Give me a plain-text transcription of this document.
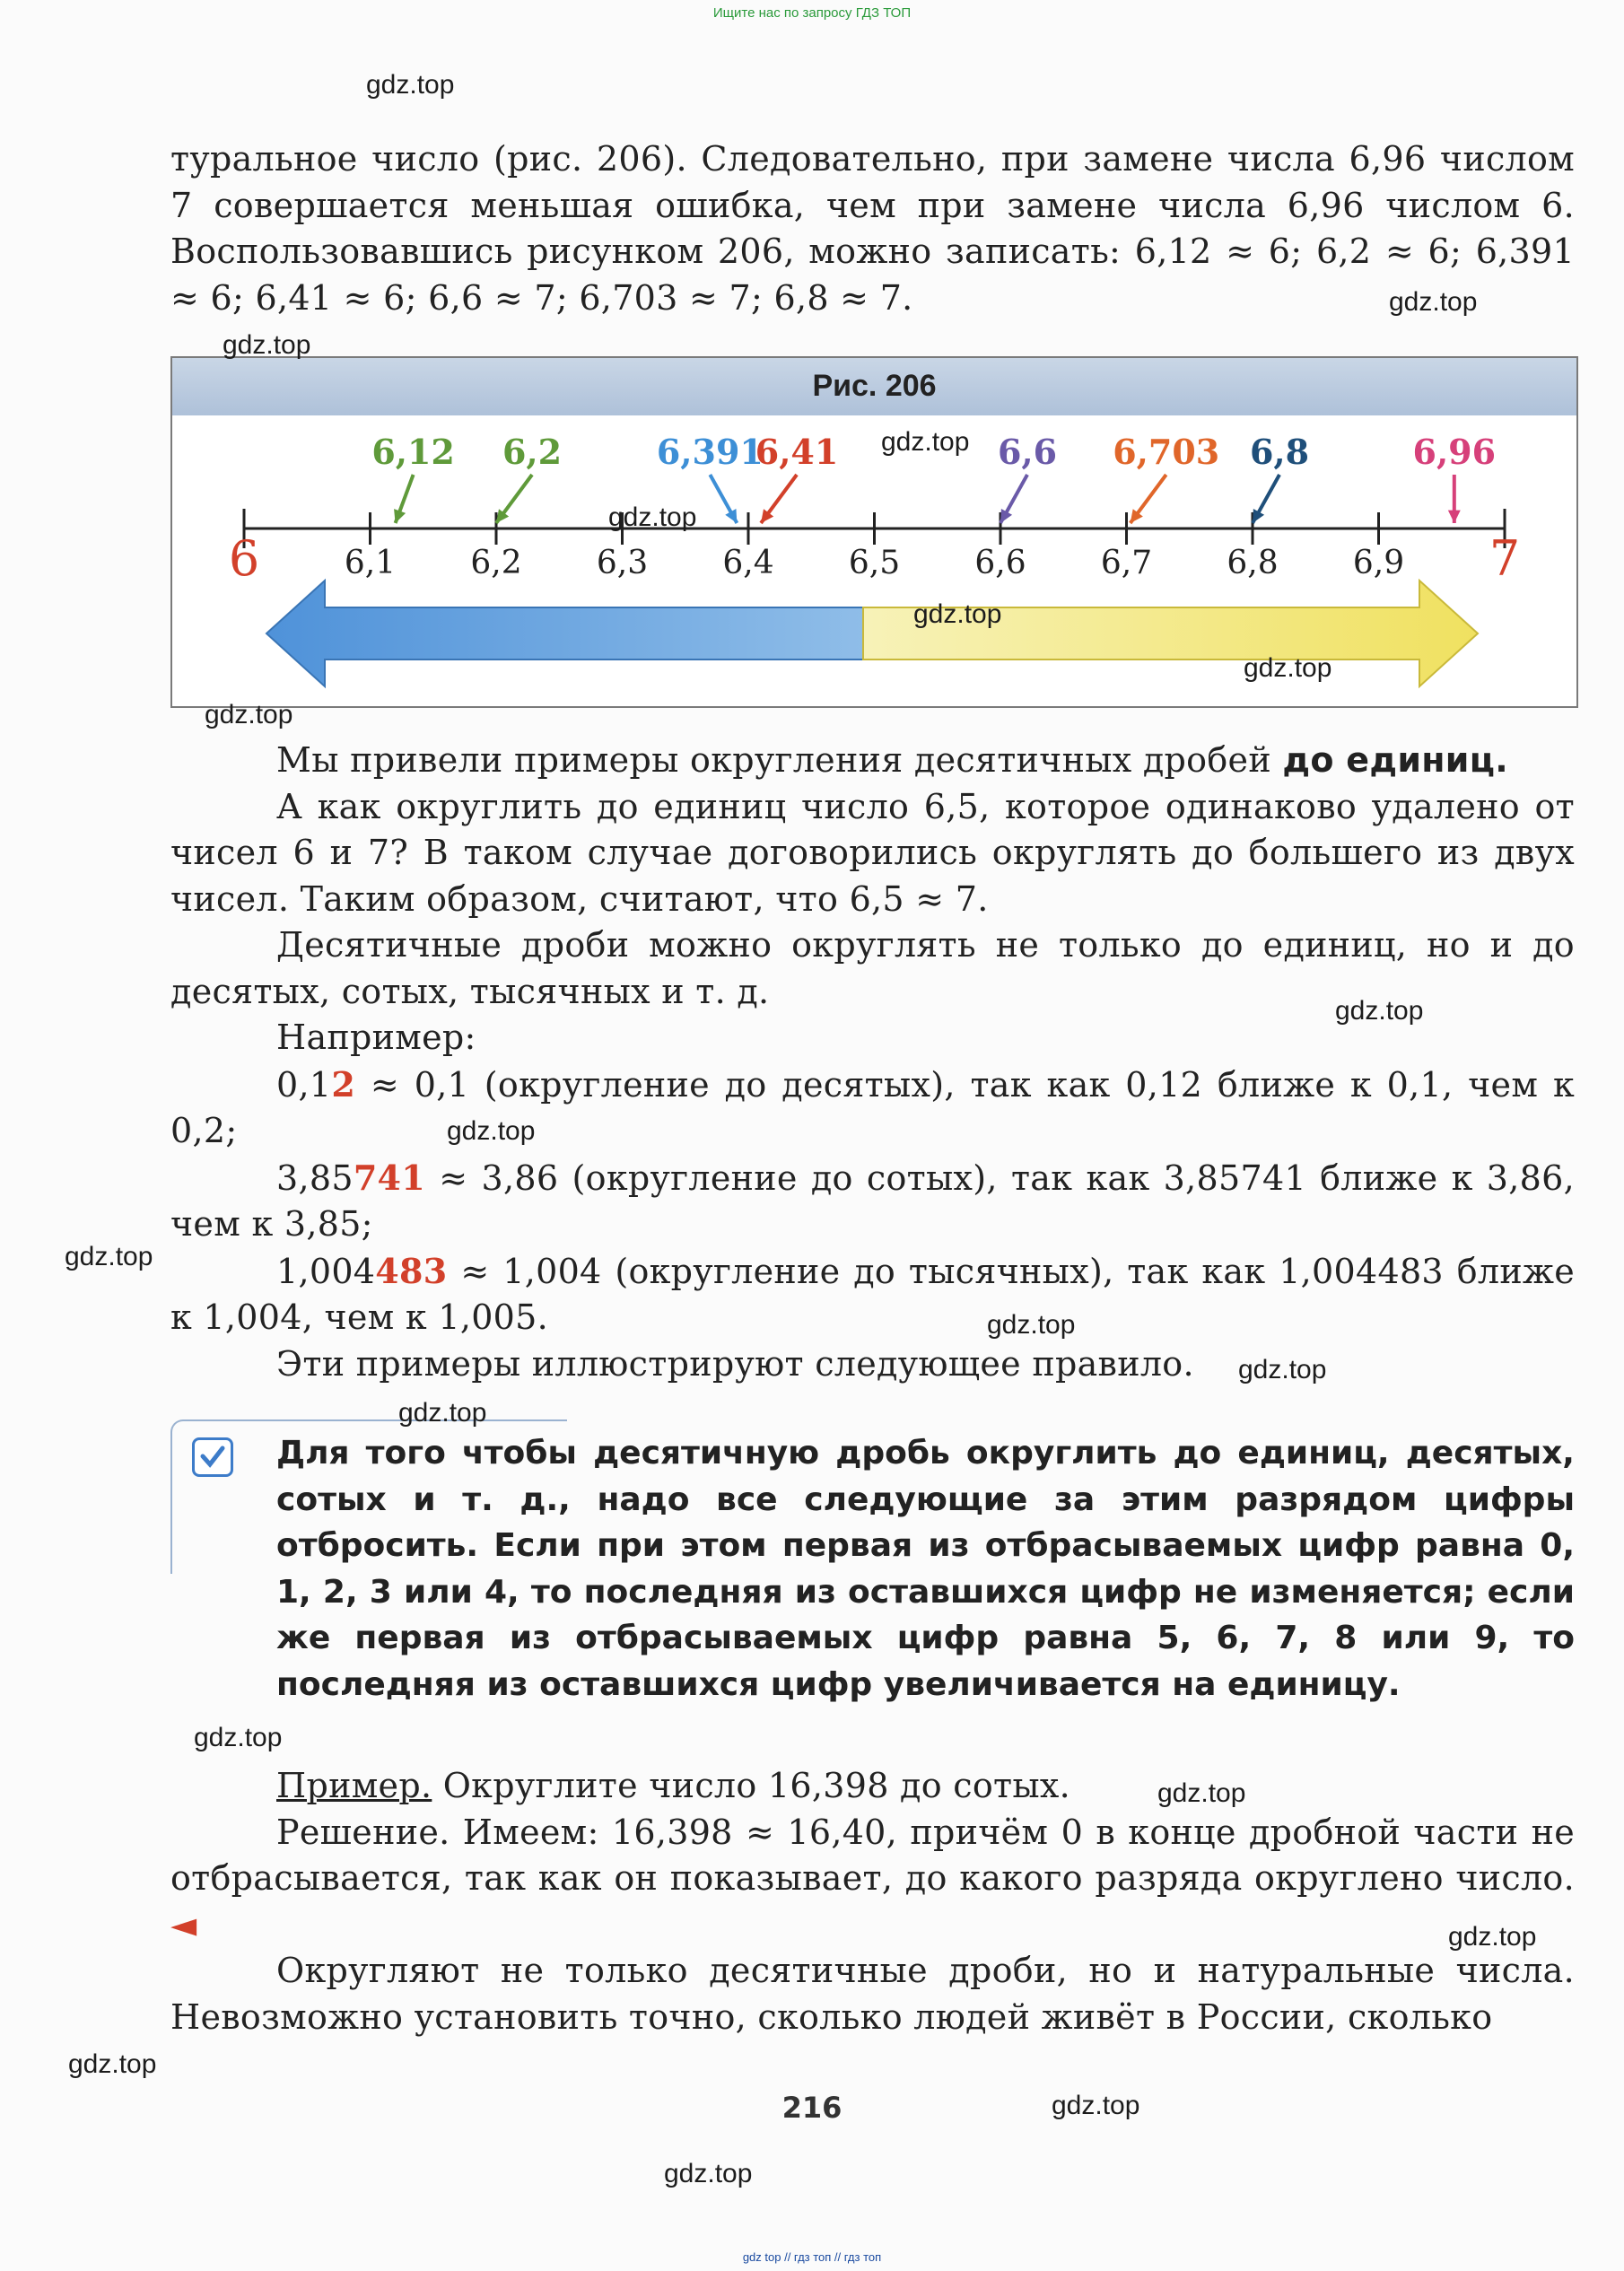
Ищите нас по запросу ГДЗ ТОП

туральное число (рис. 206). Следовательно, при замене числа 6,96 числом 7 совершается меньшая ошибка, чем при замене числа 6,96 числом 6. Воспользовавшись рисунком 206, можно записать: 6,12 ≈ 6; 6,2 ≈ 6; 6,391 ≈ 6; 6,41 ≈ 6; 6,6 ≈ 7; 6,703 ≈ 7; 6,8 ≈ 7.

Рис. 206
6,1 6,2 6,3 6,4 6,5 6,6 6,7 6,8 6,9
6,12 6,2	6,391
6,41	6,6 6,703 6,8	6,96
6	7

Мы привели примеры округления десятичных дробей до единиц.

А как округлить до единиц число 6,5, которое одинаково удалено от чисел 6 и 7? В таком случае договорились округлять до большего из двух чисел. Таким образом, считают, что 6,5 ≈ 7.

Десятичные дроби можно округлять не только до единиц, но и до десятых, сотых, тысячных и т. д.

Например:

0,12 ≈ 0,1 (округление до десятых), так как 0,12 ближе к 0,1, чем к 0,2;

3,85741 ≈ 3,86 (округление до сотых), так как 3,85741 ближе к 3,86, чем к 3,85;

1,004483 ≈ 1,004 (округление до тысячных), так как 1,004483 ближе к 1,004, чем к 1,005.

Эти примеры иллюстрируют следующее правило.

Для того чтобы десятичную дробь округлить до единиц, десятых, сотых и т. д., надо все следующие за этим разрядом цифры отбросить. Если при этом первая из отбрасываемых цифр равна 0, 1, 2, 3 или 4, то последняя из оставшихся цифр не изменяется; если же первая из отбрасываемых цифр равна 5, 6, 7, 8 или 9, то последняя из оставшихся цифр увеличивается на единицу.

Пример. Округлите число 16,398 до сотых.

Решение. Имеем: 16,398 ≈ 16,40, причём 0 в конце дробной части не отбрасывается, так как он показывает, до какого разряда округлено число. ◄

Округляют не только десятичные дроби, но и натуральные числа. Невозможно установить точно, сколько людей живёт в России, сколько

216
gdz.top
gdz.top
gdz.top
gdz.top
gdz.top
gdz.top
gdz.top
gdz.top
gdz.top
gdz.top
gdz.top
gdz.top
gdz.top
gdz.top
gdz.top
gdz.top
gdz.top
gdz.top
gdz.top
gdz.top
gdz top // гдз топ // гдз топ
